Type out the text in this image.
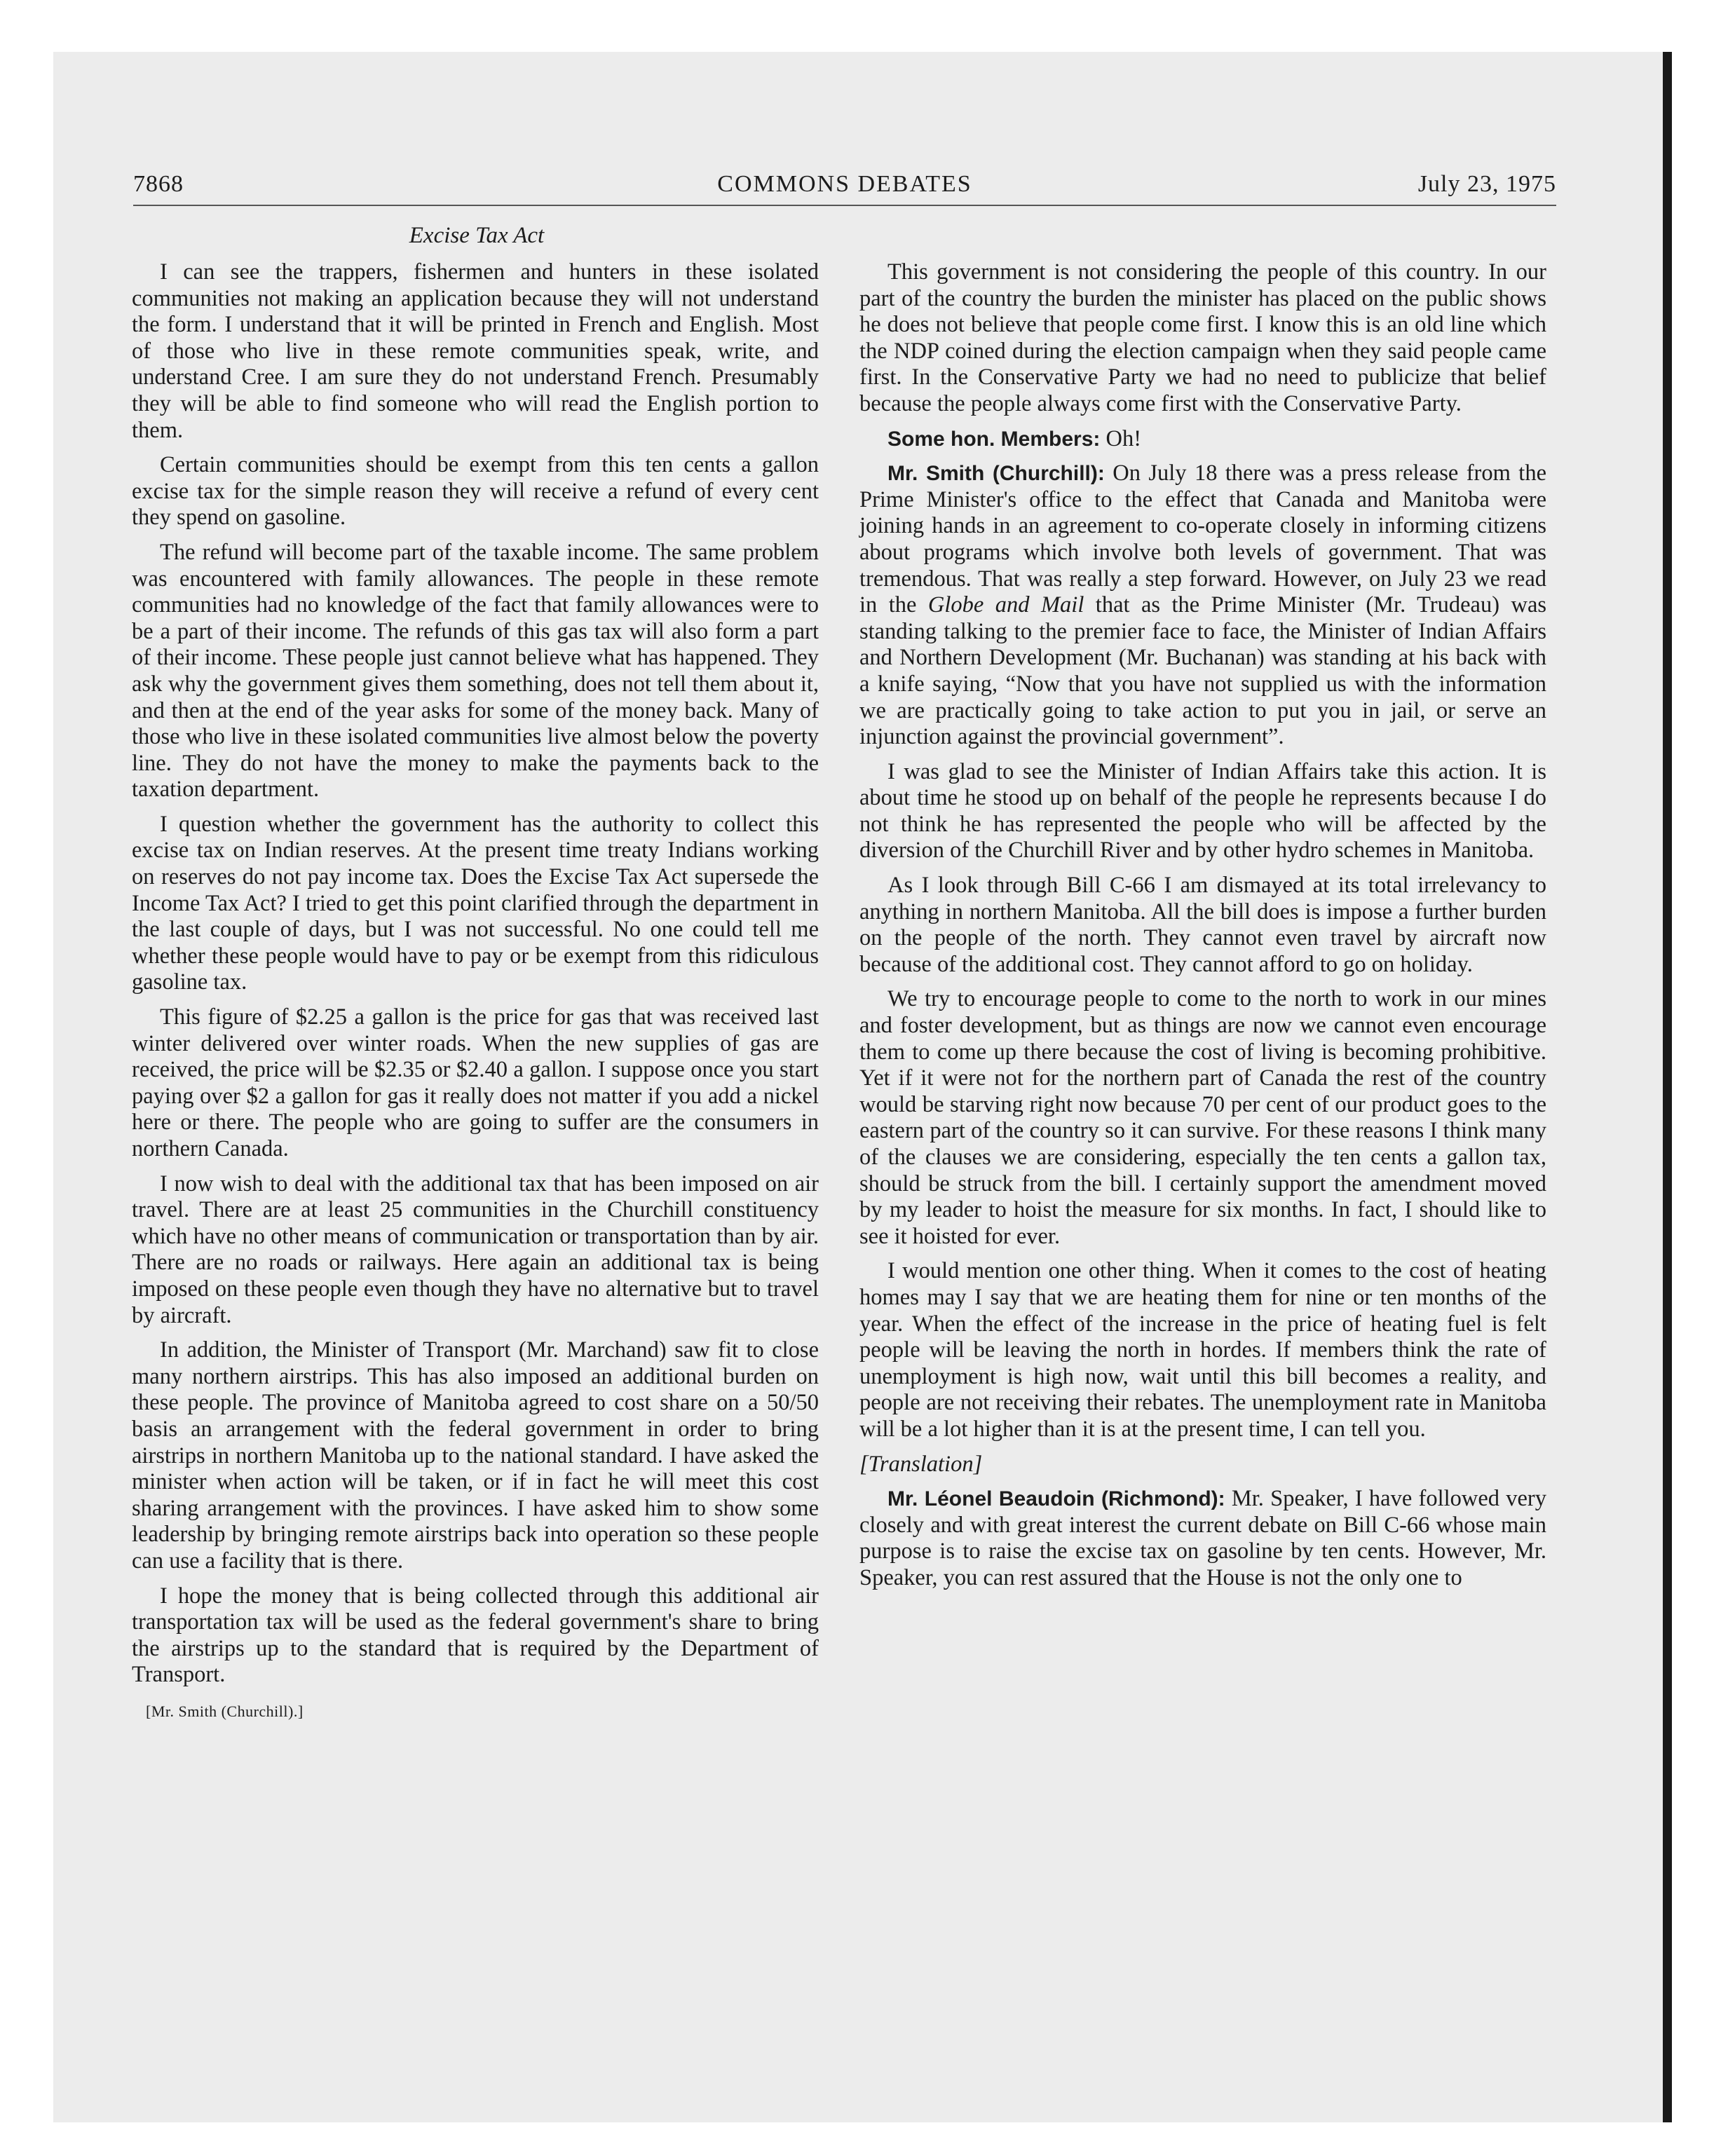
7868	COMMONS DEBATES	July 23, 1975
Excise Tax Act

I can see the trappers, fishermen and hunters in these isolated communities not making an application because they will not understand the form. I understand that it will be printed in French and English. Most of those who live in these remote communities speak, write, and understand Cree. I am sure they do not understand French. Presumably they will be able to find someone who will read the English portion to them.

Certain communities should be exempt from this ten cents a gallon excise tax for the simple reason they will receive a refund of every cent they spend on gasoline.

The refund will become part of the taxable income. The same problem was encountered with family allowances. The people in these remote communities had no knowledge of the fact that family allowances were to be a part of their income. The refunds of this gas tax will also form a part of their income. These people just cannot believe what has happened. They ask why the government gives them something, does not tell them about it, and then at the end of the year asks for some of the money back. Many of those who live in these isolated communities live almost below the poverty line. They do not have the money to make the payments back to the taxation department.

I question whether the government has the authority to collect this excise tax on Indian reserves. At the present time treaty Indians working on reserves do not pay income tax. Does the Excise Tax Act supersede the Income Tax Act? I tried to get this point clarified through the department in the last couple of days, but I was not successful. No one could tell me whether these people would have to pay or be exempt from this ridiculous gasoline tax.

This figure of $2.25 a gallon is the price for gas that was received last winter delivered over winter roads. When the new supplies of gas are received, the price will be $2.35 or $2.40 a gallon. I suppose once you start paying over $2 a gallon for gas it really does not matter if you add a nickel here or there. The people who are going to suffer are the consumers in northern Canada.

I now wish to deal with the additional tax that has been imposed on air travel. There are at least 25 communities in the Churchill constituency which have no other means of communication or transportation than by air. There are no roads or railways. Here again an additional tax is being imposed on these people even though they have no alternative but to travel by aircraft.

In addition, the Minister of Transport (Mr. Marchand) saw fit to close many northern airstrips. This has also imposed an additional burden on these people. The province of Manitoba agreed to cost share on a 50/50 basis an arrangement with the federal government in order to bring airstrips in northern Manitoba up to the national standard. I have asked the minister when action will be taken, or if in fact he will meet this cost sharing arrangement with the provinces. I have asked him to show some leadership by bringing remote airstrips back into operation so these people can use a facility that is there.

I hope the money that is being collected through this additional air transportation tax will be used as the federal government's share to bring the airstrips up to the standard that is required by the Department of Transport.

[Mr. Smith (Churchill).]

This government is not considering the people of this country. In our part of the country the burden the minister has placed on the public shows he does not believe that people come first. I know this is an old line which the NDP coined during the election campaign when they said people came first. In the Conservative Party we had no need to publicize that belief because the people always come first with the Conservative Party.

Some hon. Members: Oh!

Mr. Smith (Churchill): On July 18 there was a press release from the Prime Minister's office to the effect that Canada and Manitoba were joining hands in an agreement to co-operate closely in informing citizens about programs which involve both levels of government. That was tremendous. That was really a step forward. However, on July 23 we read in the Globe and Mail that as the Prime Minister (Mr. Trudeau) was standing talking to the premier face to face, the Minister of Indian Affairs and Northern Development (Mr. Buchanan) was standing at his back with a knife saying, “Now that you have not supplied us with the information we are practically going to take action to put you in jail, or serve an injunction against the provincial government”.

I was glad to see the Minister of Indian Affairs take this action. It is about time he stood up on behalf of the people he represents because I do not think he has represented the people who will be affected by the diversion of the Churchill River and by other hydro schemes in Manitoba.

As I look through Bill C-66 I am dismayed at its total irrelevancy to anything in northern Manitoba. All the bill does is impose a further burden on the people of the north. They cannot even travel by aircraft now because of the additional cost. They cannot afford to go on holiday.

We try to encourage people to come to the north to work in our mines and foster development, but as things are now we cannot even encourage them to come up there because the cost of living is becoming prohibitive. Yet if it were not for the northern part of Canada the rest of the country would be starving right now because 70 per cent of our product goes to the eastern part of the country so it can survive. For these reasons I think many of the clauses we are considering, especially the ten cents a gallon tax, should be struck from the bill. I certainly support the amendment moved by my leader to hoist the measure for six months. In fact, I should like to see it hoisted for ever.

I would mention one other thing. When it comes to the cost of heating homes may I say that we are heating them for nine or ten months of the year. When the effect of the increase in the price of heating fuel is felt people will be leaving the north in hordes. If members think the rate of unemployment is high now, wait until this bill becomes a reality, and people are not receiving their rebates. The unemployment rate in Manitoba will be a lot higher than it is at the present time, I can tell you.

[Translation]

Mr. Léonel Beaudoin (Richmond): Mr. Speaker, I have followed very closely and with great interest the current debate on Bill C-66 whose main purpose is to raise the excise tax on gasoline by ten cents. However, Mr. Speaker, you can rest assured that the House is not the only one to
